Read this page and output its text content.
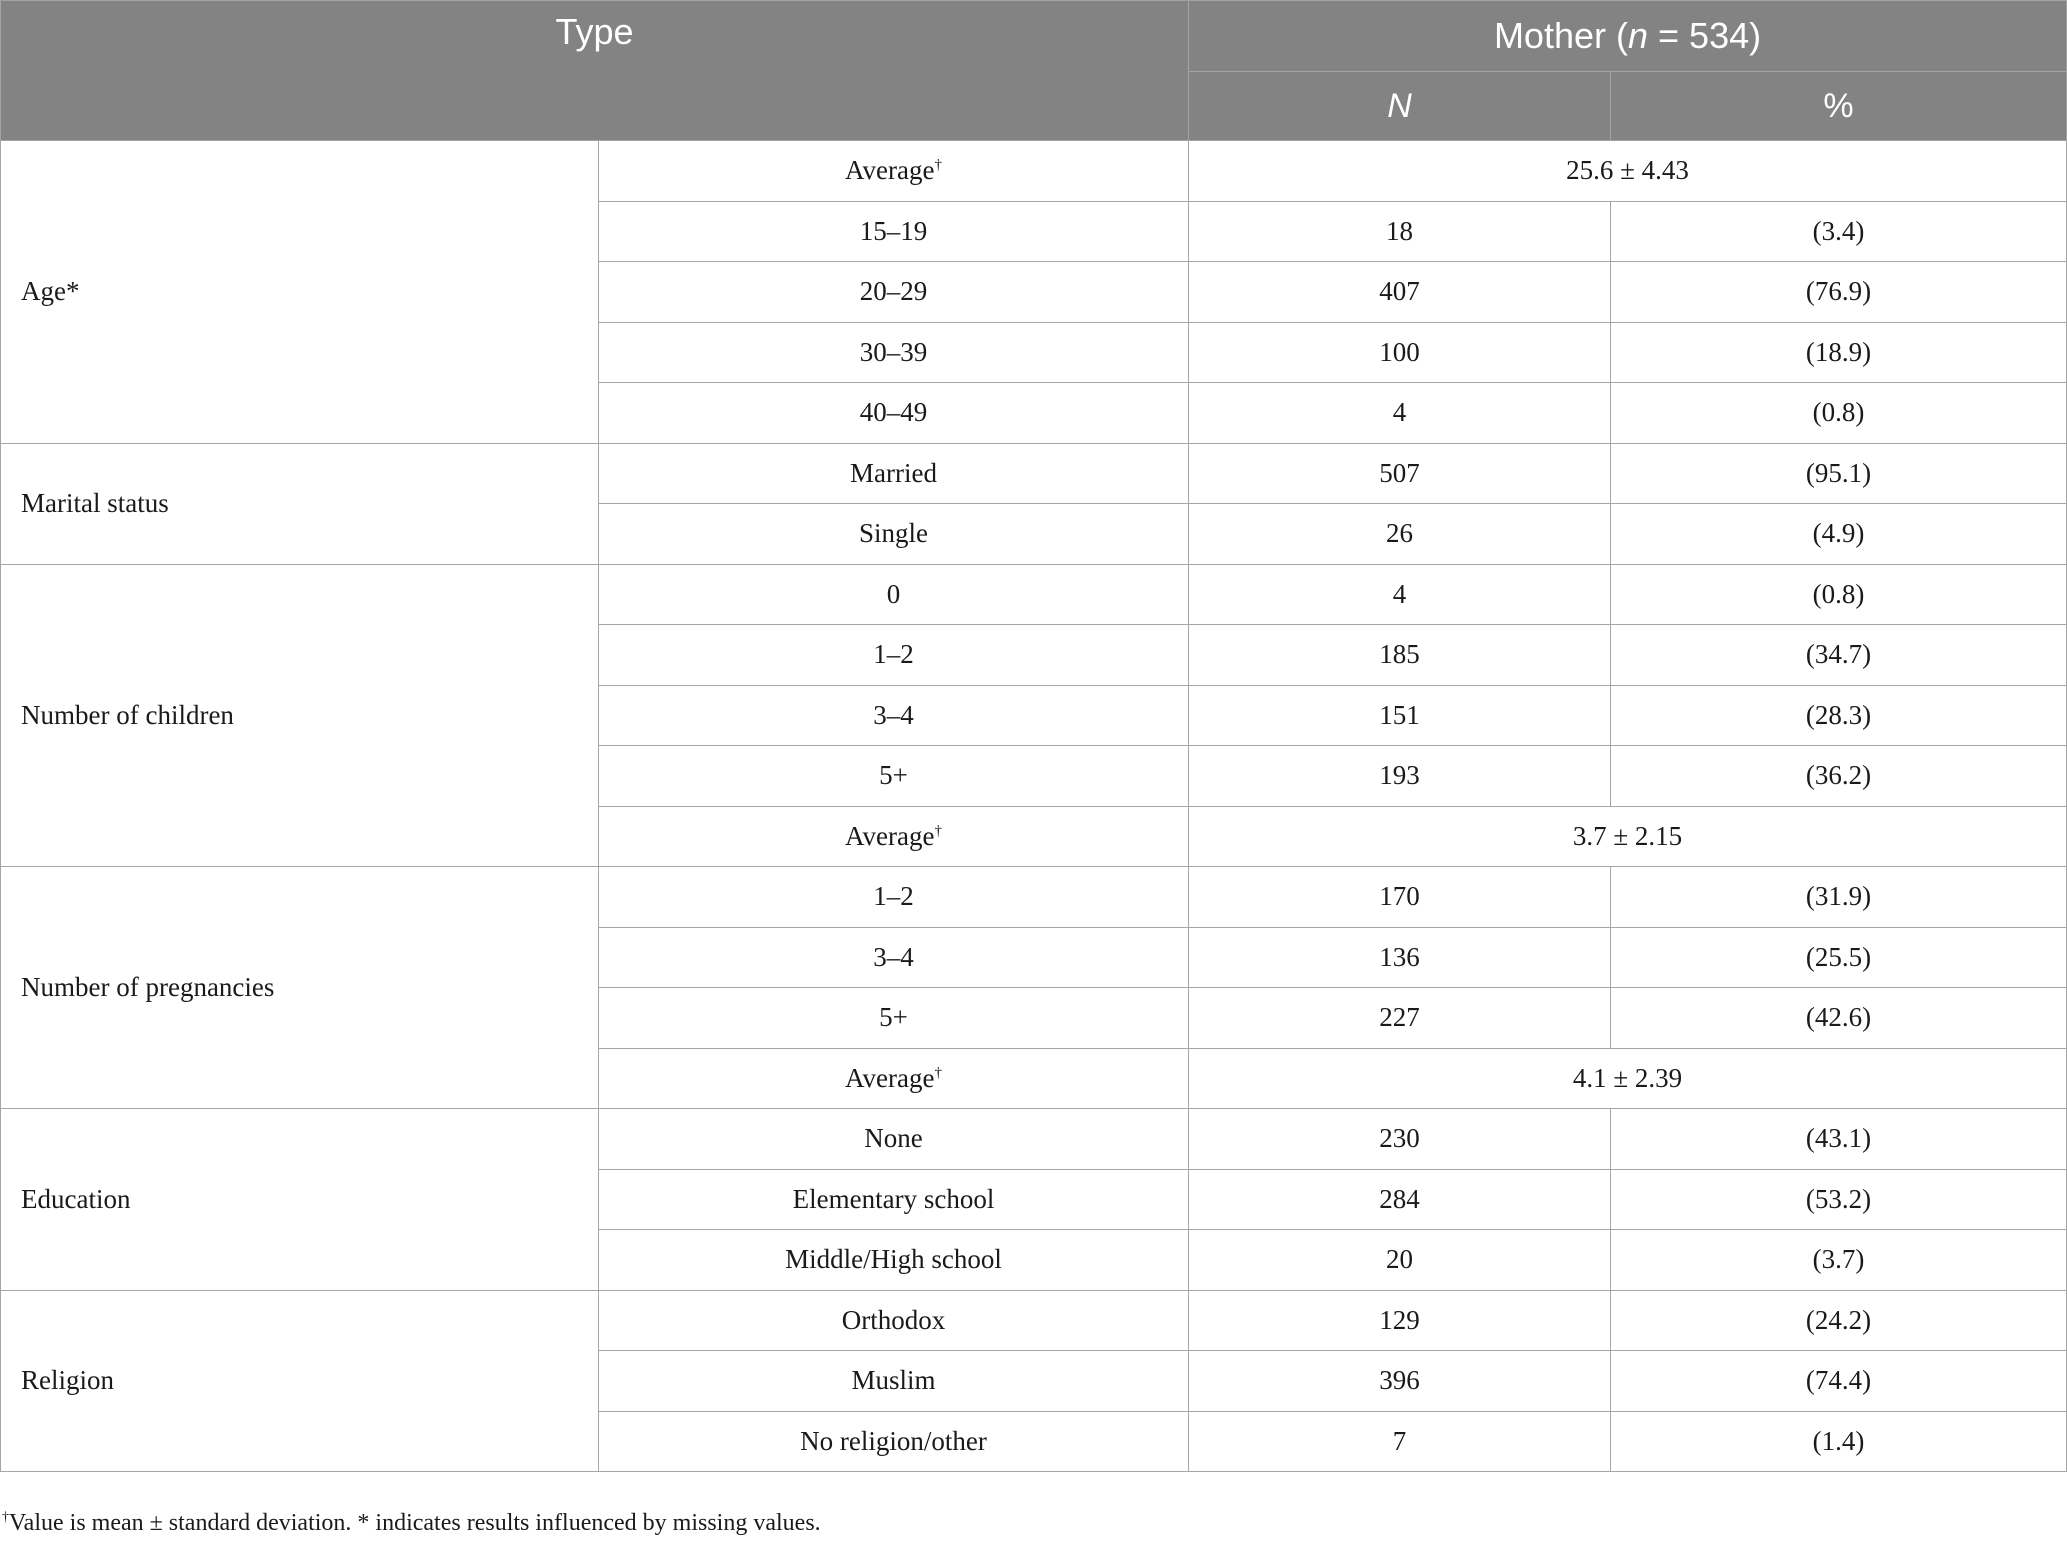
Type		Mother (n = 534)	
		N	%
Age*	Average†	25.6 ± 4.43	
	15–19	18	(3.4)
	20–29	407	(76.9)
	30–39	100	(18.9)
	40–49	4	(0.8)
Marital status	Married	507	(95.1)
	Single	26	(4.9)
Number of children	0	4	(0.8)
	1–2	185	(34.7)
	3–4	151	(28.3)
	5+	193	(36.2)
	Average†	3.7 ± 2.15	
Number of pregnancies	1–2	170	(31.9)
	3–4	136	(25.5)
	5+	227	(42.6)
	Average†	4.1 ± 2.39	
Education	None	230	(43.1)
	Elementary school	284	(53.2)
	Middle/High school	20	(3.7)
Religion	Orthodox	129	(24.2)
	Muslim	396	(74.4)
	No religion/other	7	(1.4)
†Value is mean ± standard deviation. * indicates results influenced by missing values.
